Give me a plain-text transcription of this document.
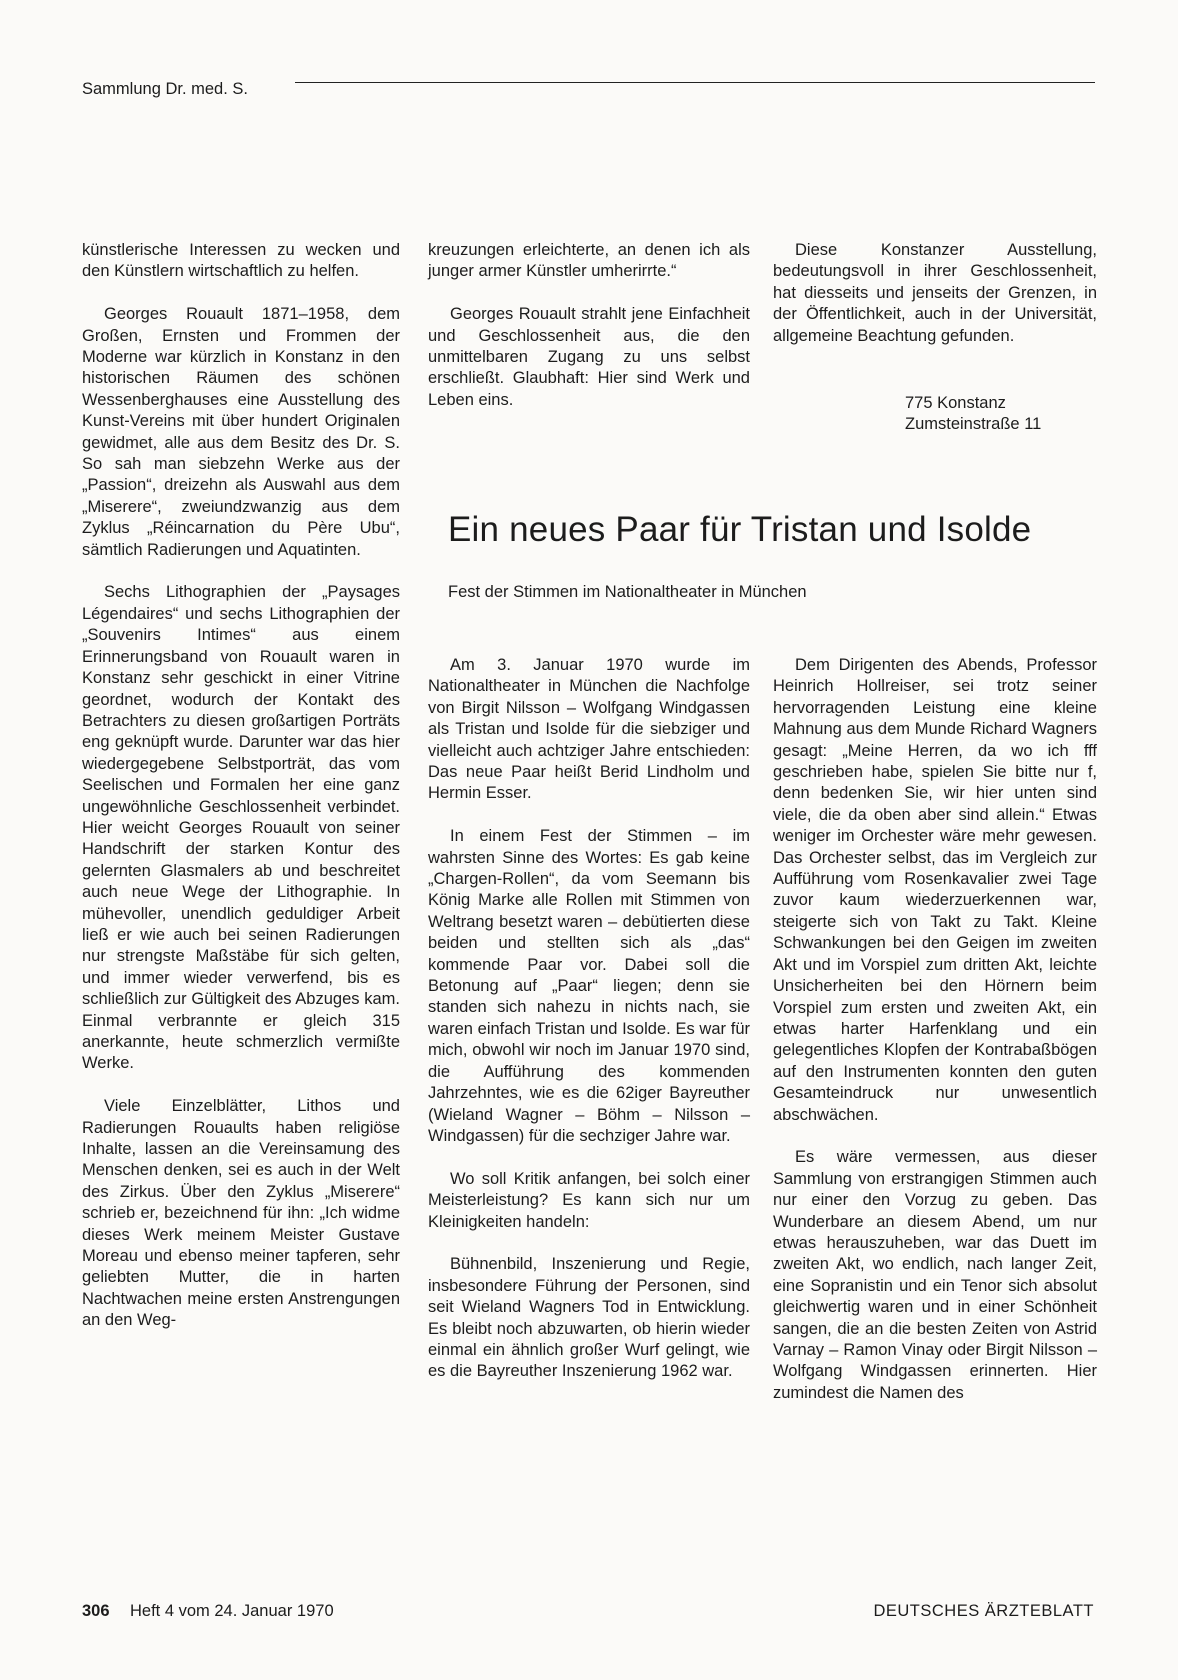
Sammlung Dr. med. S.

künstlerische Interessen zu wecken und den Künstlern wirtschaftlich zu helfen.

Georges Rouault 1871–1958, dem Großen, Ernsten und Frommen der Moderne war kürzlich in Konstanz in den historischen Räumen des schönen Wessenberghauses eine Ausstellung des Kunst-Vereins mit über hundert Originalen gewidmet, alle aus dem Besitz des Dr. S. So sah man siebzehn Werke aus der „Passion“, dreizehn als Auswahl aus dem „Miserere“, zweiundzwanzig aus dem Zyklus „Réincarnation du Père Ubu“, sämtlich Radierungen und Aquatinten.

Sechs Lithographien der „Paysages Légendaires“ und sechs Lithographien der „Souvenirs Intimes“ aus einem Erinnerungsband von Rouault waren in Konstanz sehr geschickt in einer Vitrine geordnet, wodurch der Kontakt des Betrachters zu diesen großartigen Porträts eng geknüpft wurde. Darunter war das hier wiedergegebene Selbstporträt, das vom Seelischen und Formalen her eine ganz ungewöhnliche Geschlossenheit verbindet. Hier weicht Georges Rouault von seiner Handschrift der starken Kontur des gelernten Glasmalers ab und beschreitet auch neue Wege der Lithographie. In mühevoller, unendlich geduldiger Arbeit ließ er wie auch bei seinen Radierungen nur strengste Maßstäbe für sich gelten, und immer wieder verwerfend, bis es schließlich zur Gültigkeit des Abzuges kam. Einmal verbrannte er gleich 315 anerkannte, heute schmerzlich vermißte Werke.

Viele Einzelblätter, Lithos und Radierungen Rouaults haben religiöse Inhalte, lassen an die Vereinsamung des Menschen denken, sei es auch in der Welt des Zirkus. Über den Zyklus „Miserere“ schrieb er, bezeichnend für ihn: „Ich widme dieses Werk meinem Meister Gustave Moreau und ebenso meiner tapferen, sehr geliebten Mutter, die in harten Nachtwachen meine ersten Anstrengungen an den Weg-

kreuzungen erleichterte, an denen ich als junger armer Künstler umherirrte.“

Georges Rouault strahlt jene Einfachheit und Geschlossenheit aus, die den unmittelbaren Zugang zu uns selbst erschließt. Glaubhaft: Hier sind Werk und Leben eins.

Diese Konstanzer Ausstellung, bedeutungsvoll in ihrer Geschlossenheit, hat diesseits und jenseits der Grenzen, in der Öffentlichkeit, auch in der Universität, allgemeine Beachtung gefunden.

775 Konstanz
Zumsteinstraße 11
Ein neues Paar für Tristan und Isolde
Fest der Stimmen im Nationaltheater in München

Am 3. Januar 1970 wurde im Nationaltheater in München die Nachfolge von Birgit Nilsson – Wolfgang Windgassen als Tristan und Isolde für die siebziger und vielleicht auch achtziger Jahre entschieden: Das neue Paar heißt Berid Lindholm und Hermin Esser.

In einem Fest der Stimmen – im wahrsten Sinne des Wortes: Es gab keine „Chargen-Rollen“, da vom Seemann bis König Marke alle Rollen mit Stimmen von Weltrang besetzt waren – debütierten diese beiden und stellten sich als „das“ kommende Paar vor. Dabei soll die Betonung auf „Paar“ liegen; denn sie standen sich nahezu in nichts nach, sie waren einfach Tristan und Isolde. Es war für mich, obwohl wir noch im Januar 1970 sind, die Aufführung des kommenden Jahrzehntes, wie es die 62iger Bayreuther (Wieland Wagner – Böhm – Nilsson – Windgassen) für die sechziger Jahre war.

Wo soll Kritik anfangen, bei solch einer Meisterleistung? Es kann sich nur um Kleinigkeiten handeln:

Bühnenbild, Inszenierung und Regie, insbesondere Führung der Personen, sind seit Wieland Wagners Tod in Entwicklung. Es bleibt noch abzuwarten, ob hierin wieder einmal ein ähnlich großer Wurf gelingt, wie es die Bayreuther Inszenierung 1962 war.

Dem Dirigenten des Abends, Professor Heinrich Hollreiser, sei trotz seiner hervorragenden Leistung eine kleine Mahnung aus dem Munde Richard Wagners gesagt: „Meine Herren, da wo ich fff geschrieben habe, spielen Sie bitte nur f, denn bedenken Sie, wir hier unten sind viele, die da oben aber sind allein.“ Etwas weniger im Orchester wäre mehr gewesen. Das Orchester selbst, das im Vergleich zur Aufführung vom Rosenkavalier zwei Tage zuvor kaum wiederzuerkennen war, steigerte sich von Takt zu Takt. Kleine Schwankungen bei den Geigen im zweiten Akt und im Vorspiel zum dritten Akt, leichte Unsicherheiten bei den Hörnern beim Vorspiel zum ersten und zweiten Akt, ein etwas harter Harfenklang und ein gelegentliches Klopfen der Kontrabaßbögen auf den Instrumenten konnten den guten Gesamteindruck nur unwesentlich abschwächen.

Es wäre vermessen, aus dieser Sammlung von erstrangigen Stimmen auch nur einer den Vorzug zu geben. Das Wunderbare an diesem Abend, um nur etwas herauszuheben, war das Duett im zweiten Akt, wo endlich, nach langer Zeit, eine Sopranistin und ein Tenor sich absolut gleichwertig waren und in einer Schönheit sangen, die an die besten Zeiten von Astrid Varnay – Ramon Vinay oder Birgit Nilsson – Wolfgang Windgassen erinnerten. Hier zumindest die Namen des

306 Heft 4 vom 24. Januar 1970	DEUTSCHES ÄRZTEBLATT
